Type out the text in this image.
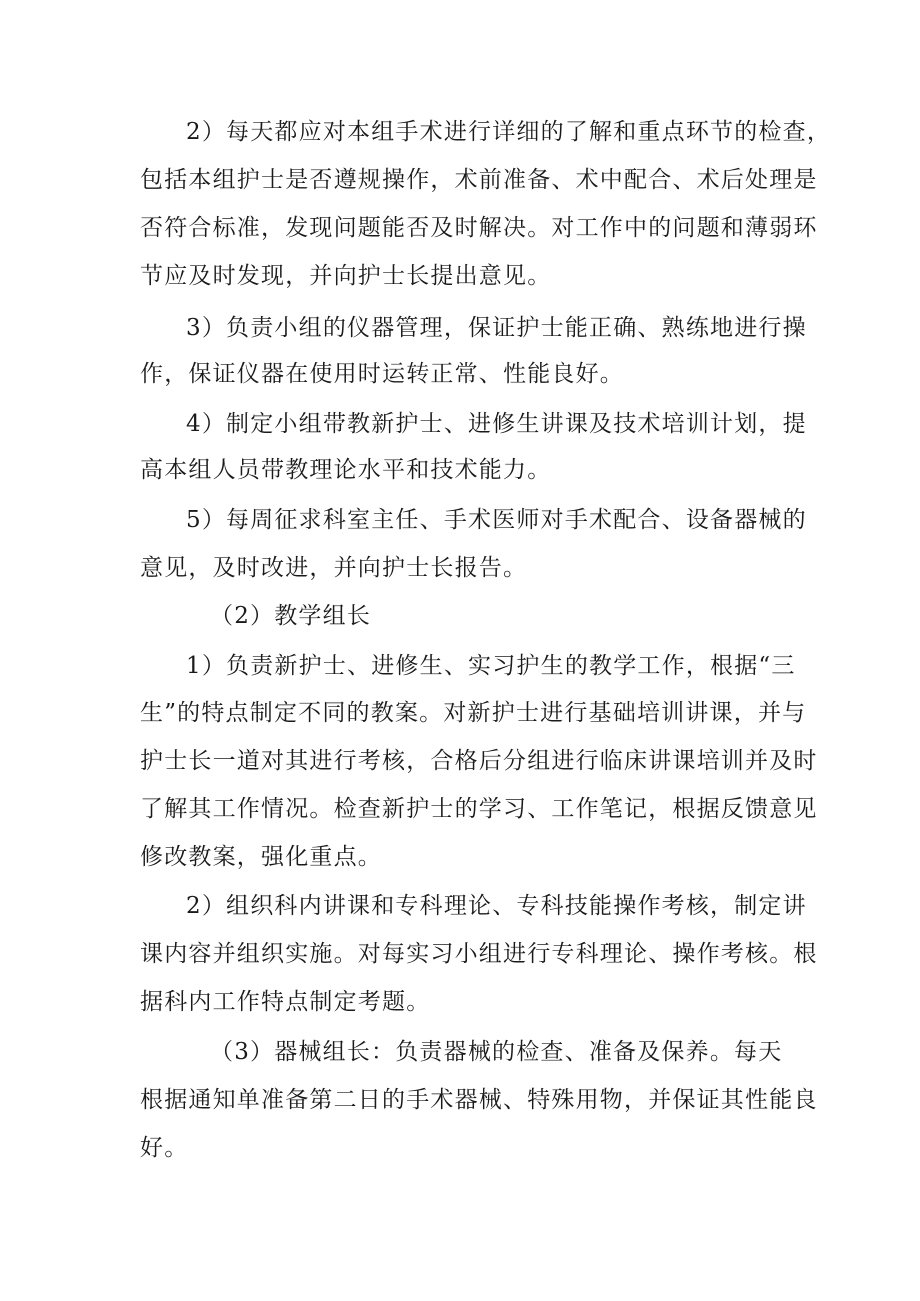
2）每天都应对本组手术进行详细的了解和重点环节的检查，
包括本组护士是否遵规操作，术前准备、术中配合、术后处理是
否符合标准，发现问题能否及时解决。对工作中的问题和薄弱环
节应及时发现，并向护士长提出意见。
3）负责小组的仪器管理，保证护士能正确、熟练地进行操
作，保证仪器在使用时运转正常、性能良好。
4）制定小组带教新护士、进修生讲课及技术培训计划，提
高本组人员带教理论水平和技术能力。
5）每周征求科室主任、手术医师对手术配合、设备器械的
意见，及时改进，并向护士长报告。
（2）教学组长
1）负责新护士、进修生、实习护生的教学工作，根据“三
生”的特点制定不同的教案。对新护士进行基础培训讲课，并与
护士长一道对其进行考核，合格后分组进行临床讲课培训并及时
了解其工作情况。检查新护士的学习、工作笔记，根据反馈意见
修改教案，强化重点。
2）组织科内讲课和专科理论、专科技能操作考核，制定讲
课内容并组织实施。对每实习小组进行专科理论、操作考核。根
据科内工作特点制定考题。
（3）器械组长：负责器械的检查、准备及保养。每天
根据通知单准备第二日的手术器械、特殊用物，并保证其性能良
好。
